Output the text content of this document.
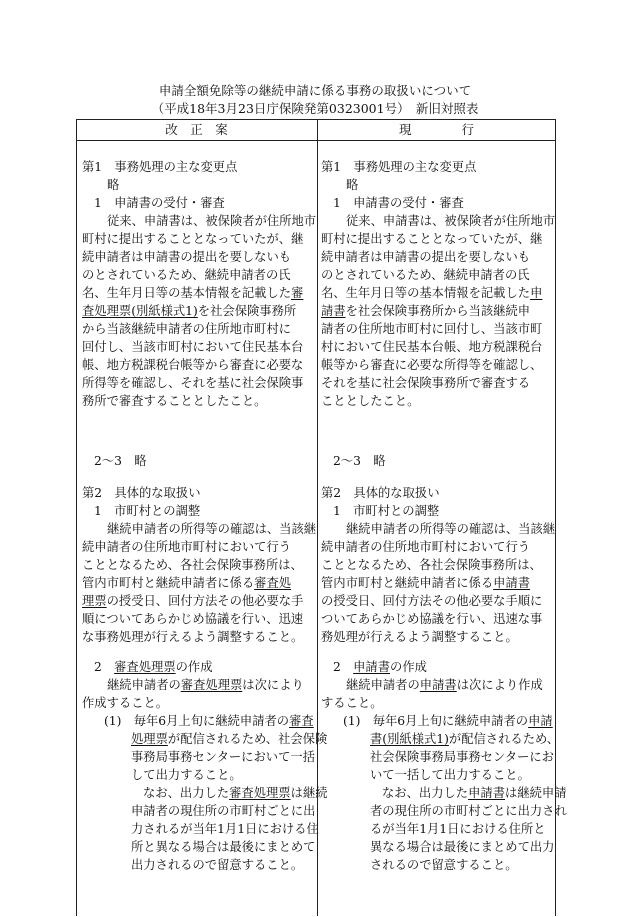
申請全額免除等の継続申請に係る事務の取扱いについて
（平成18年3月23日庁保険発第0323001号）　新旧対照表
改　正　案	現　　　　行
第1　事務処理の主な変更点
略
1　申請書の受付・審査
従来、申請書は、被保険者が住所地市
町村に提出することとなっていたが、継
続申請者は申請書の提出を要しないも
のとされているため、継続申請者の氏
名、生年月日等の基本情報を記載した審
査処理票(別紙様式1)を社会保険事務所
から当該継続申請者の住所地市町村に
回付し、当該市町村において住民基本台
帳、地方税課税台帳等から審査に必要な
所得等を確認し、それを基に社会保険事
務所で審査することとしたこと。
2～3　略
第2　具体的な取扱い
1　市町村との調整
継続申請者の所得等の確認は、当該継
続申請者の住所地市町村において行う
こととなるため、各社会保険事務所は、
管内市町村と継続申請者に係る審査処
理票の授受日、回付方法その他必要な手
順についてあらかじめ協議を行い、迅速
な事務処理が行えるよう調整すること。
2　審査処理票の作成
継続申請者の審査処理票は次により
作成すること。
(1)　毎年6月上旬に継続申請者の審査
処理票が配信されるため、社会保険
事務局事務センターにおいて一括
して出力すること。
なお、出力した審査処理票は継続
申請者の現住所の市町村ごとに出
力されるが当年1月1日における住
所と異なる場合は最後にまとめて
出力されるので留意すること。
第1　事務処理の主な変更点
略
1　申請書の受付・審査
従来、申請書は、被保険者が住所地市
町村に提出することとなっていたが、継
続申請者は申請書の提出を要しないも
のとされているため、継続申請者の氏
名、生年月日等の基本情報を記載した申
請書を社会保険事務所から当該継続申
請者の住所地市町村に回付し、当該市町
村において住民基本台帳、地方税課税台
帳等から審査に必要な所得等を確認し、
それを基に社会保険事務所で審査する
こととしたこと。
2～3　略
第2　具体的な取扱い
1　市町村との調整
継続申請者の所得等の確認は、当該継
続申請者の住所地市町村において行う
こととなるため、各社会保険事務所は、
管内市町村と継続申請者に係る申請書
の授受日、回付方法その他必要な手順に
ついてあらかじめ協議を行い、迅速な事
務処理が行えるよう調整すること。
2　申請書の作成
継続申請者の申請書は次により作成
すること。
(1)　毎年6月上旬に継続申請者の申請
書(別紙様式1)が配信されるため、
社会保険事務局事務センターにお
いて一括して出力すること。
なお、出力した申請書は継続申請
者の現住所の市町村ごとに出力され
るが当年1月1日における住所と
異なる場合は最後にまとめて出力
されるので留意すること。
